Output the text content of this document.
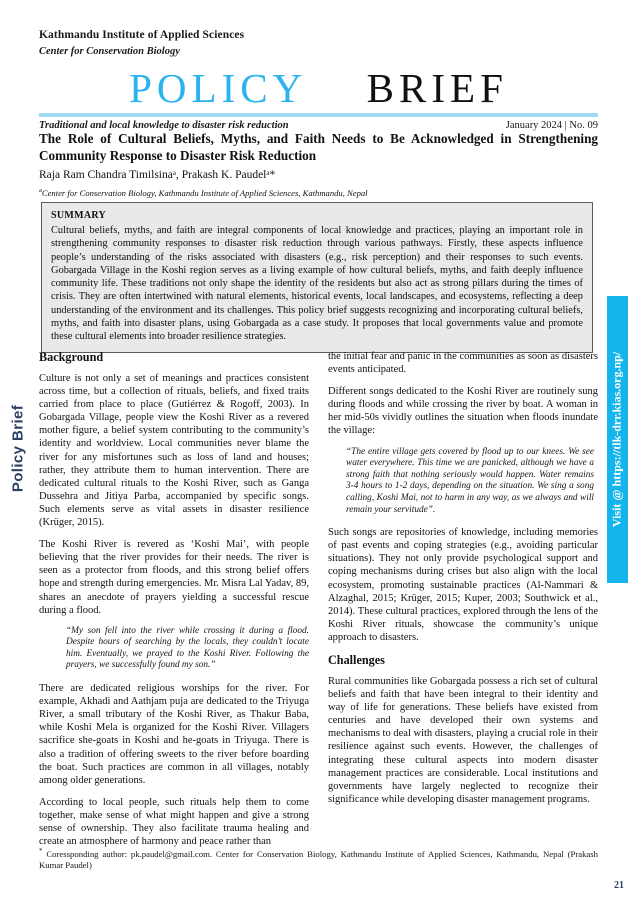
Policy Brief	Visit @ https://tlk-drr.kias.org.np/
Kathmandu Institute of Applied Sciences
Center for Conservation Biology
POLICY BRIEF
Traditional and local knowledge to disaster risk reduction	January 2024 | No. 09
The Role of Cultural Beliefs, Myths, and Faith Needs to Be Acknowledged in Strengthening Community Response to Disaster Risk Reduction
Raja Ram Chandra Timilsinaᵃ, Prakash K. Paudelᵃ*
$^a$Center for Conservation Biology, Kathmandu Institute of Applied Sciences, Kathmandu, Nepal
SUMMARY
Cultural beliefs, myths, and faith are integral components of local knowledge and practices, playing an important role in strengthening community responses to disaster risk reduction through various pathways. Firstly, these aspects influence people’s understanding of the risks associated with disasters (e.g., risk perception) and their responses to such events. Gobargada Village in the Koshi region serves as a living example of how cultural beliefs, myths, and faith deeply influence community life. These traditions not only shape the identity of the residents but also act as strong pillars during the times of crisis. They are often intertwined with natural elements, historical events, local landscapes, and ecosystems, reflecting a deep understanding of the environment and its challenges. This policy brief suggests recognizing and incorporating cultural beliefs, myths, and faith into disaster plans, using Gobargada as a case study. It proposes that local governments value and promote these cultural elements into broader resilience strategies.
Background

Culture is not only a set of meanings and practices consistent across time, but a collection of rituals, beliefs, and fixed traits carried from place to place (Gutiérrez & Rogoff, 2003). In Gobargada Village, people view the Koshi River as a revered mother figure, a belief system contributing to the community’s identity and worldview. Local communities never blame the river for any misfortunes such as loss of land and houses; rather, they attribute them to human intervention. There are dedicated cultural rituals to the Koshi River, such as Ganga Dussehra and Jitiya Parba, accompanied by specific songs. Such elements serve as vital assets in disaster resilience (Krüger, 2015).

The Koshi River is revered as ‘Koshi Mai’, with people believing that the river provides for their needs. The river is seen as a protector from floods, and this strong belief offers hope and strength during emergencies. Mr. Misra Lal Yadav, 89, shares an anecdote of prayers yielding a successful rescue during a flood.

“My son fell into the river while crossing it during a flood. Despite hours of searching by the locals, they couldn’t locate him. Eventually, we prayed to the Koshi River. Following the prayers, we successfully found my son.”

There are dedicated religious worships for the river. For example, Akhadi and Aathjam puja are dedicated to the Triyuga River, a small tributary of the Koshi River, as Thakur Baba, while Koshi Mela is organized for the Koshi River. Villagers sacrifice she-goats in Koshi and he-goats in Triyuga. There is also a tradition of offering sweets to the river before boarding the boat. Such practices are common in all villages, notably among older generations.

According to local people, such rituals help them to come together, make sense of what might happen and give a strong sense of ownership. They also facilitate trauma healing and create an atmosphere of harmony and peace rather than

the initial fear and panic in the communities as soon as disasters events anticipated.

Different songs dedicated to the Koshi River are routinely sung during floods and while crossing the river by boat. A woman in her mid-50s vividly outlines the situation when floods inundate the village:

“The entire village gets covered by flood up to our knees. We see water everywhere. This time we are panicked, although we have a strong faith that nothing seriously would happen. Water remains 3-4 hours to 1-2 days, depending on the situation. We sing a song calling, Koshi Mai, not to harm in any way, as we always and will remain your servitude”.

Such songs are repositories of knowledge, including memories of past events and coping strategies (e.g., avoiding particular situations). They not only provide psychological support and coping mechanisms during crises but also align with the local ecosystem, promoting sustainable practices (Al-Nammari & Alzaghal, 2015; Krüger, 2015; Kuper, 2003; Southwick et al., 2014). These cultural practices, explored through the lens of the Koshi River rituals, showcase the community’s unique approach to disasters.

Challenges

Rural communities like Gobargada possess a rich set of cultural beliefs and faith that have been integral to their identity and way of life for generations. These beliefs have existed from centuries and have developed their own systems and mechanisms to deal with disasters, playing a crucial role in their resilience against such events. However, the challenges of integrating these cultural aspects into modern disaster management practices are considerable. Local institutions and governments have largely neglected to recognize their significance while developing disaster management programs.

* Coressponding author: pk.paudel@gmail.com. Center for Conservation Biology, Kathmandu Institute of Applied Sciences, Kathmandu, Nepal (Prakash Kumar Paudel)
21
